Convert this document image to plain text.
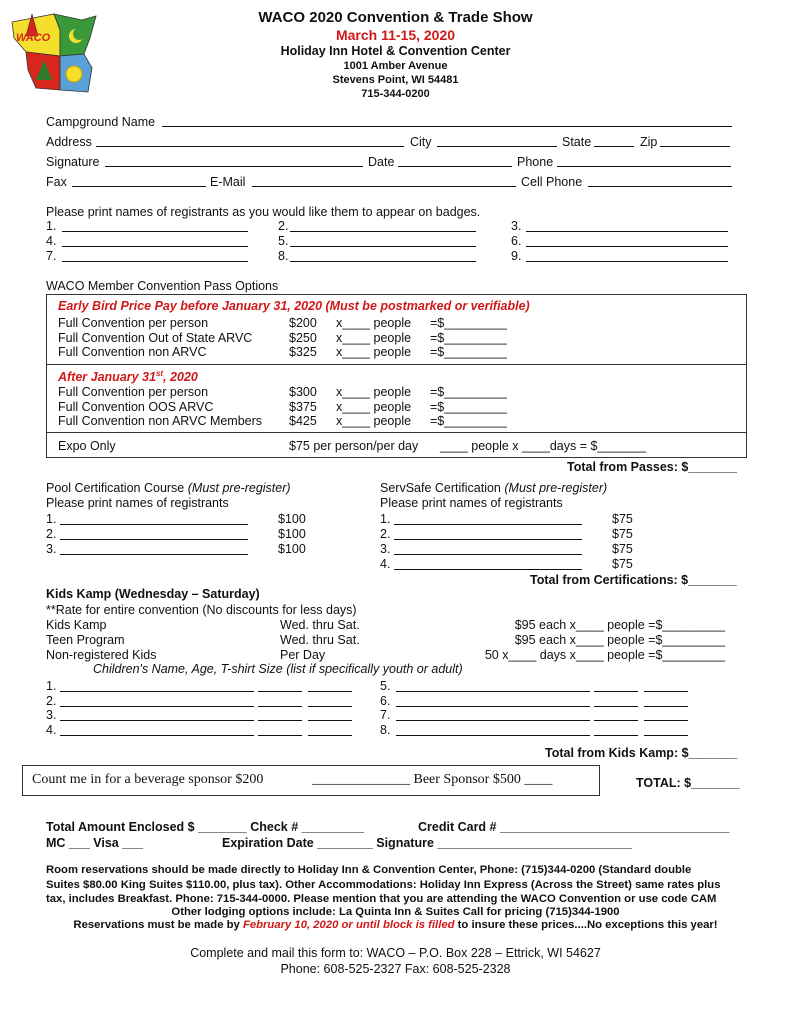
WACO
WACO 2020 Convention & Trade Show
March 11-15, 2020
Holiday Inn Hotel & Convention Center
1001 Amber Avenue
Stevens Point, WI 54481
715-344-0200
Campground Name
Address	City	State	Zip
Signature	Date	Phone
Fax	E-Mail	Cell Phone
Please print names of registrants as you would like them to appear on badges.
1.	2.	3.
4.	5.	6.
7.	8.	9.
WACO Member Convention Pass Options
Early Bird Price Pay before January 31, 2020 (Must be postmarked or verifiable)
Full Convention per person	$200 x____ people =$_________
Full Convention Out of State ARVC	$250 x____ people =$_________
Full Convention non ARVC	$325 x____ people =$_________
After January 31st, 2020
Full Convention per person	$300 x____ people =$_________
Full Convention OOS ARVC	$375 x____ people =$_________
Full Convention non ARVC Members $425 x____ people =$_________
Expo Only	$75 per person/per day ____ people x ____days = $_______
Total from Passes: $_______
Pool Certification Course (Must pre-register)
Please print names of registrants
1.	$100
2.	$100
3.	$100
ServSafe Certification (Must pre-register)
Please print names of registrants
1.	$75
2.	$75
3.	$75
4.	$75
Total from Certifications: $_______
Kids Kamp (Wednesday – Saturday)
**Rate for entire convention (No discounts for less days)
Kids Kamp	Wed. thru Sat.	$95 each x____ people =$_________
Teen Program	Wed. thru Sat.	$95 each x____ people =$_________
Non-registered Kids	Per Day	50 x____ days x____ people =$_________
Children's Name, Age, T-shirt Size (list if specifically youth or adult)
1.
2.
3.
4.
5.
6.
7.
8.
Total from Kids Kamp: $_______
Count me in for a beverage sponsor $200	______________ Beer Sponsor $500 ____	TOTAL: $_______
Total Amount Enclosed $ _______ Check # _________	Credit Card # _________________________________
MC ___ Visa ___	Expiration Date ________ Signature ____________________________
Room reservations should be made directly to Holiday Inn & Convention Center, Phone: (715)344-0200 (Standard double
Suites $80.00 King Suites $110.00, plus tax). Other Accommodations: Holiday Inn Express (Across the Street) same rates plus
tax, includes Breakfast. Phone: 715-344-0000. Please mention that you are attending the WACO Convention or use code CAM
Other lodging options include: La Quinta Inn & Suites Call for pricing (715)344-1900
Reservations must be made by February 10, 2020 or until block is filled to insure these prices....No exceptions this year!
Complete and mail this form to: WACO – P.O. Box 228 – Ettrick, WI 54627
Phone: 608-525-2327 Fax: 608-525-2328
